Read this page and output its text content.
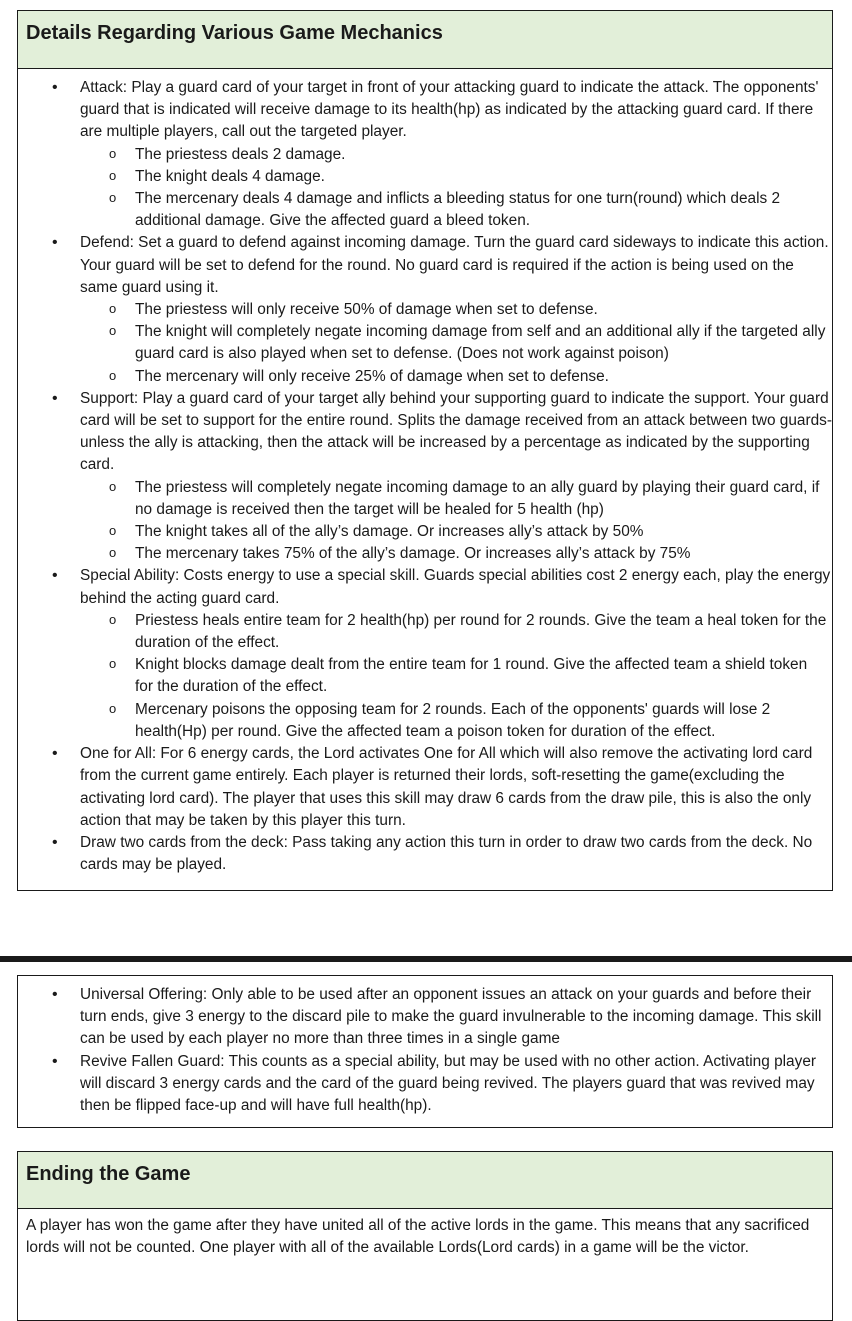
Details Regarding Various Game Mechanics

• Attack: Play a guard card of your target in front of your attacking guard to indicate the attack. The opponents' guard that is indicated will receive damage to its health(hp) as indicated by the attacking guard card. If there are multiple players, call out the targeted player.

o The priestess deals 2 damage.

o The knight deals 4 damage.

o The mercenary deals 4 damage and inflicts a bleeding status for one turn(round) which deals 2 additional damage. Give the affected guard a bleed token.

• Defend: Set a guard to defend against incoming damage. Turn the guard card sideways to indicate this action. Your guard will be set to defend for the round. No guard card is required if the action is being used on the same guard using it.

o The priestess will only receive 50% of damage when set to defense.

o The knight will completely negate incoming damage from self and an additional ally if the targeted ally guard card is also played when set to defense. (Does not work against poison)

o The mercenary will only receive 25% of damage when set to defense.

• Support: Play a guard card of your target ally behind your supporting guard to indicate the support. Your guard card will be set to support for the entire round. Splits the damage received from an attack between two guards- unless the ally is attacking, then the attack will be increased by a percentage as indicated by the supporting card.

o The priestess will completely negate incoming damage to an ally guard by playing their guard card, if no damage is received then the target will be healed for 5 health (hp)

o The knight takes all of the ally’s damage. Or increases ally’s attack by 50%

o The mercenary takes 75% of the ally’s damage. Or increases ally’s attack by 75%

• Special Ability: Costs energy to use a special skill. Guards special abilities cost 2 energy each, play the energy behind the acting guard card.

o Priestess heals entire team for 2 health(hp) per round for 2 rounds. Give the team a heal token for the duration of the effect.

o Knight blocks damage dealt from the entire team for 1 round. Give the affected team a shield token for the duration of the effect.

o Mercenary poisons the opposing team for 2 rounds. Each of the opponents' guards will lose 2 health(Hp) per round. Give the affected team a poison token for duration of the effect.

• One for All: For 6 energy cards, the Lord activates One for All which will also remove the activating lord card from the current game entirely. Each player is returned their lords, soft-resetting the game(excluding the activating lord card). The player that uses this skill may draw 6 cards from the draw pile, this is also the only action that may be taken by this player this turn.

• Draw two cards from the deck: Pass taking any action this turn in order to draw two cards from the deck. No cards may be played.

• Universal Offering: Only able to be used after an opponent issues an attack on your guards and before their turn ends, give 3 energy to the discard pile to make the guard invulnerable to the incoming damage. This skill can be used by each player no more than three times in a single game

• Revive Fallen Guard: This counts as a special ability, but may be used with no other action. Activating player will discard 3 energy cards and the card of the guard being revived. The players guard that was revived may then be flipped face-up and will have full health(hp).

Ending the Game

A player has won the game after they have united all of the active lords in the game. This means that any sacrificed lords will not be counted. One player with all of the available Lords(Lord cards) in a game will be the victor.
